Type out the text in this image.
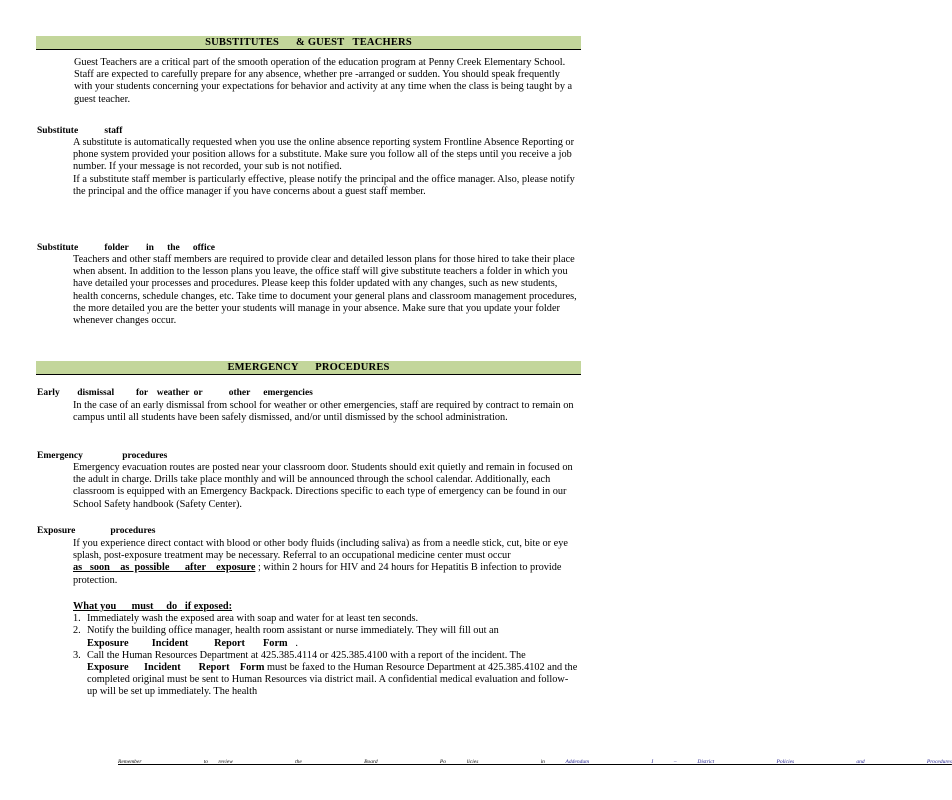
SUBSTITUTES      & GUEST   TEACHERS

Guest Teachers are a critical part of the smooth operation of the education program at Penny Creek Elementary School. Staff are expected to carefully prepare for any absence, whether pre -arranged or sudden. You should speak frequently with your students concerning your expectations for behavior and activity at any time when the class is being taught by a guest teacher.

Substitute      staff

A substitute is automatically requested when you use the online absence reporting system Frontline Absence Reporting or phone system provided your position allows for a substitute. Make sure you follow all of the steps until you receive a job number. If your message is not recorded, your sub is not notified.

If a substitute staff member is particularly effective, please notify the principal and the office manager. Also, please notify the principal and the office manager if you have concerns about a guest staff member.

Substitute      folder    in   the   office

Teachers and other staff members are required to provide clear and detailed lesson plans for those hired to take their place when absent. In addition to the lesson plans you leave, the office staff will give substitute teachers a folder in which you have detailed your processes and procedures. Please keep this folder updated with any changes, such as new students, health concerns, schedule changes, etc. Take time to document your general plans and classroom management procedures, the more detailed you are the better your students will manage in your absence. Make sure that you update your folder whenever changes occur.

EMERGENCY      PROCEDURES
Early    dismissal     for  weather or      other   emergencies

In the case of an early dismissal from school for weather or other emergencies, staff are required by contract to remain on campus until all students have been safely dismissed, and/or until dismissed by the school administration.

Emergency         procedures

Emergency evacuation routes are posted near your classroom door. Students should exit quietly and remain in focused on the adult in charge. Drills take place monthly and will be announced through the school calendar. Additionally, each classroom is equipped with an Emergency Backpack. Directions specific to each type of emergency can be found in our School Safety handbook (Safety Center).

Exposure        procedures

If you experience direct contact with blood or other body fluids (including saliva) as from a needle stick, cut, bite or eye splash, post-exposure treatment may be necessary. Referral to an occupational medicine center must occur as   soon    as  possible      after    exposure ; within 2 hours for HIV and 24 hours for Hepatitis B infection to provide protection.

What you      must     do   if exposed:

1. Immediately wash the exposed area with soap and water for at least ten seconds.
2. Notify the building office manager, health room assistant or nurse immediately. They will fill out an Exposure         Incident          Report       Form   .
3. Call the Human Resources Department at 425.385.4114 or 425.385.4100 with a report of the incident. The Exposure      Incident       Report    Form must be faxed to the Human Resource Department at 425.385.4102 and the completed original must be sent to Human Resources via district mail. A confidential medical evaluation and follow-up will be set up immediately. The health
Remember      to review      the      Board      Po  licies      in  Addendum      I  –  District      Policies      and      Procedures
